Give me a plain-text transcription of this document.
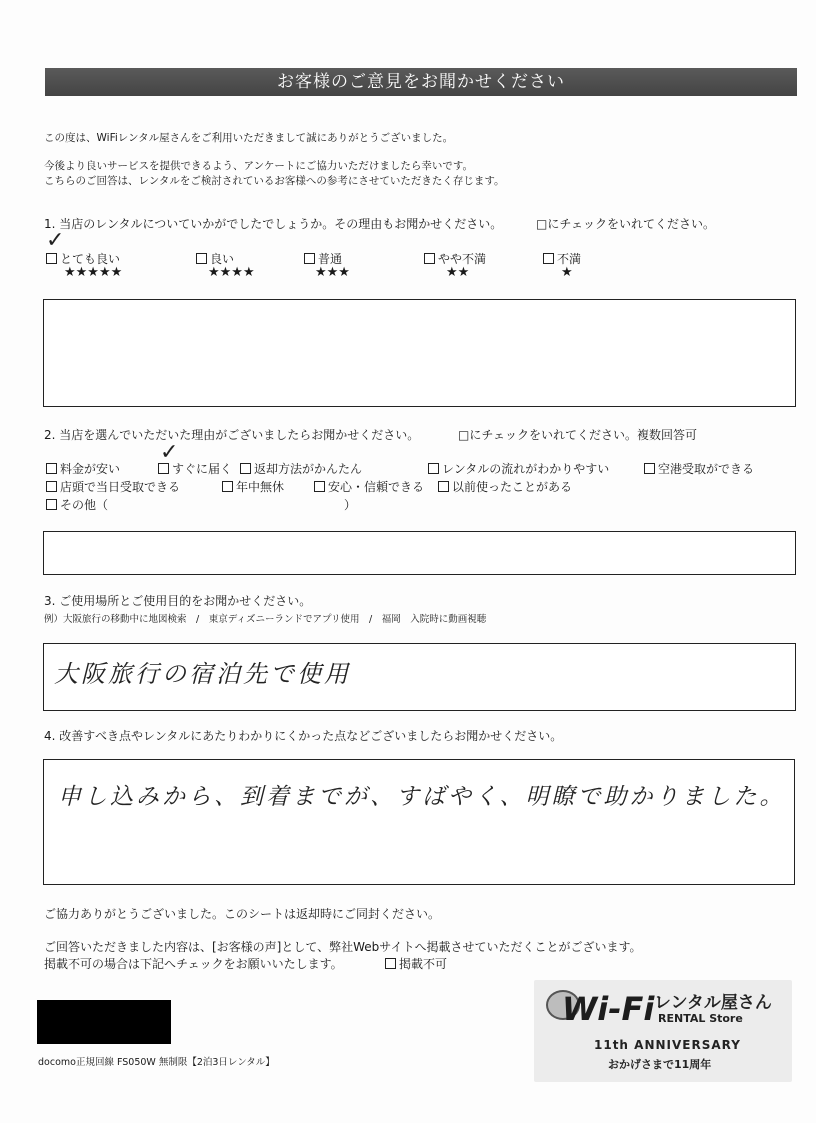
お客様のご意見をお聞かせください
この度は、WiFiレンタル屋さんをご利用いただきまして誠にありがとうございました。
今後より良いサービスを提供できるよう、アンケートにご協力いただけましたら幸いです。
こちらのご回答は、レンタルをご検討されているお客様への参考にさせていただきたく存じます。
1. 当店のレンタルについていかがでしたでしょうか。その理由もお聞かせください。	□にチェックをいれてください。
とても良い
✓
★★★★★
良い
★★★★
普通
★★★
やや不満
★★
不満
★
2. 当店を選んでいただいた理由がございましたらお聞かせください。	□にチェックをいれてください。複数回答可
料金が安い	すぐに届く
✓
返却方法がかんたん	レンタルの流れがわかりやすい	空港受取ができる
店頭で当日受取できる	年中無休	安心・信頼できる	以前使ったことがある
その他（	）
3. ご使用場所とご使用目的をお聞かせください。
例）大阪旅行の移動中に地図検索　/　東京ディズニーランドでアプリ使用　/　福岡　入院時に動画視聴
大阪旅行の宿泊先で使用
4. 改善すべき点やレンタルにあたりわかりにくかった点などございましたらお聞かせください。
申し込みから、到着までが、すばやく、明瞭で助かりました。
ご協力ありがとうございました。このシートは返却時にご同封ください。
ご回答いただきました内容は、[お客様の声]として、弊社Webサイトへ掲載させていただくことがございます。
掲載不可の場合は下記へチェックをお願いいたします。	掲載不可
docomo正規回線 FS050W 無制限【2泊3日レンタル】
Wi-Fi レンタル屋さん
RENTAL Store
11th ANNIVERSARY
おかげさまで11周年
